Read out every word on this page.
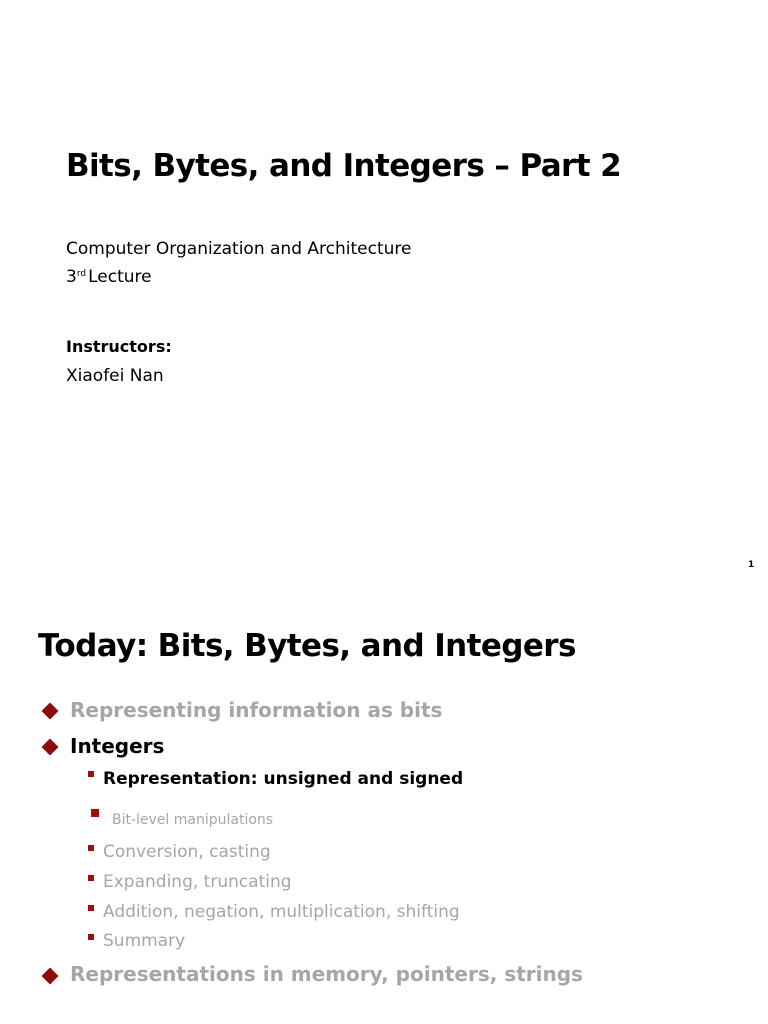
Bits, Bytes, and Integers – Part 2
Computer Organization and Architecture
3rd Lecture
Instructors:
Xiaofei Nan
1
Today: Bits, Bytes, and Integers
Representing information as bits
Integers
Representation: unsigned and signed
Bit-level manipulations
Conversion, casting
Expanding, truncating
Addition, negation, multiplication, shifting
Summary
Representations in memory, pointers, strings
